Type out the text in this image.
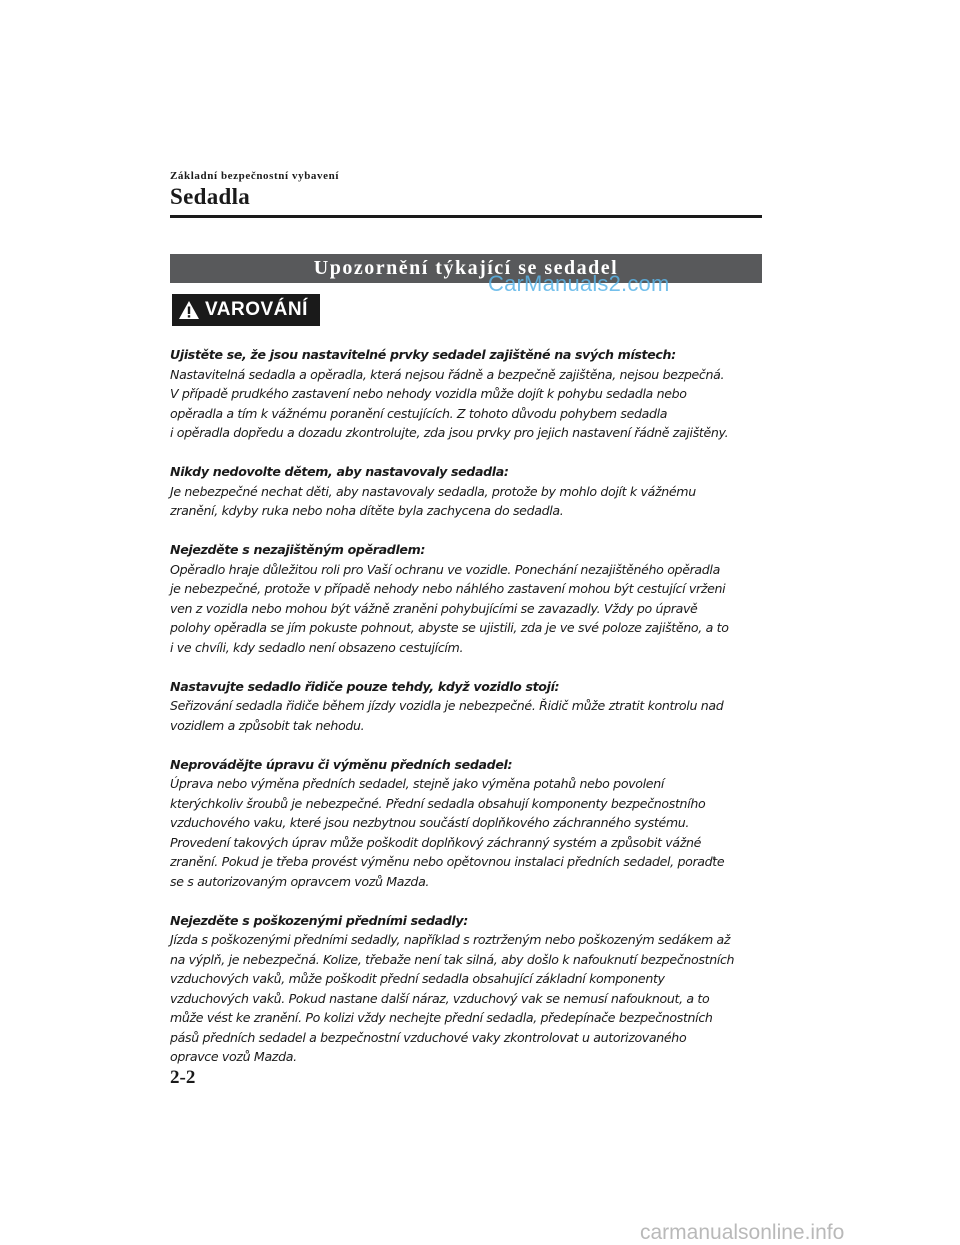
Základní bezpečnostní vybavení
Sedadla
Upozornění týkající se sedadel
CarManuals2.com
VAROVÁNÍ
Ujistěte se, že jsou nastavitelné prvky sedadel zajištěné na svých místech:
Nastavitelná sedadla a opěradla, která nejsou řádně a bezpečně zajištěna, nejsou bezpečná.
V případě prudkého zastavení nebo nehody vozidla může dojít k pohybu sedadla nebo
opěradla a tím k vážnému poranění cestujících. Z tohoto důvodu pohybem sedadla
i opěradla dopředu a dozadu zkontrolujte, zda jsou prvky pro jejich nastavení řádně zajištěny.
Nikdy nedovolte dětem, aby nastavovaly sedadla:
Je nebezpečné nechat děti, aby nastavovaly sedadla, protože by mohlo dojít k vážnému
zranění, kdyby ruka nebo noha dítěte byla zachycena do sedadla.
Nejezděte s nezajištěným opěradlem:
Opěradlo hraje důležitou roli pro Vaší ochranu ve vozidle. Ponechání nezajištěného opěradla
je nebezpečné, protože v případě nehody nebo náhlého zastavení mohou být cestující vrženi
ven z vozidla nebo mohou být vážně zraněni pohybujícími se zavazadly. Vždy po úpravě
polohy opěradla se jím pokuste pohnout, abyste se ujistili, zda je ve své poloze zajištěno, a to
i ve chvíli, kdy sedadlo není obsazeno cestujícím.
Nastavujte sedadlo řidiče pouze tehdy, když vozidlo stojí:
Seřizování sedadla řidiče během jízdy vozidla je nebezpečné. Řidič může ztratit kontrolu nad
vozidlem a způsobit tak nehodu.
Neprovádějte úpravu či výměnu předních sedadel:
Úprava nebo výměna předních sedadel, stejně jako výměna potahů nebo povolení
kterýchkoliv šroubů je nebezpečné. Přední sedadla obsahují komponenty bezpečnostního
vzduchového vaku, které jsou nezbytnou součástí doplňkového záchranného systému.
Provedení takových úprav může poškodit doplňkový záchranný systém a způsobit vážné
zranění. Pokud je třeba provést výměnu nebo opětovnou instalaci předních sedadel, poraďte
se s autorizovaným opravcem vozů Mazda.
Nejezděte s poškozenými předními sedadly:
Jízda s poškozenými předními sedadly, například s roztrženým nebo poškozeným sedákem až
na výplň, je nebezpečná. Kolize, třebaže není tak silná, aby došlo k nafouknutí bezpečnostních
vzduchových vaků, může poškodit přední sedadla obsahující základní komponenty
vzduchových vaků. Pokud nastane další náraz, vzduchový vak se nemusí nafouknout, a to
může vést ke zranění. Po kolizi vždy nechejte přední sedadla, předepínače bezpečnostních
pásů předních sedadel a bezpečnostní vzduchové vaky zkontrolovat u autorizovaného
opravce vozů Mazda.
2-2
carmanualsonline.info
